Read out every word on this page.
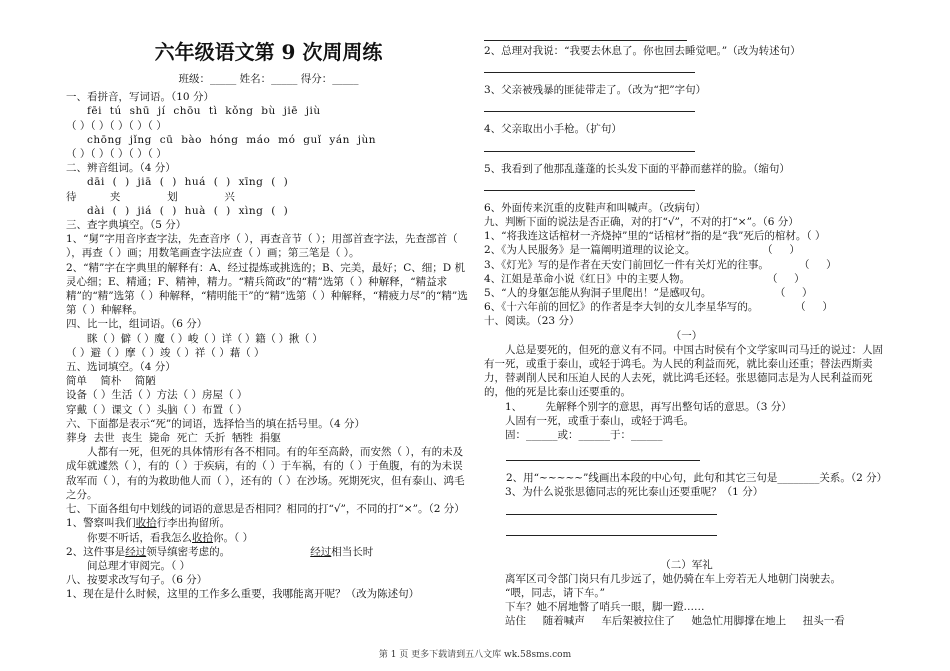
六年级语文第 9 次周周练
班级：_____ 姓名：_____ 得分：_____
一、看拼音，写词语。（10 分）
fēi tú shū jí chōu tì kǒng bù jiē jiù
（ ）（ ）（ ）（ ）（ ）
chōng jǐng cū bào hóng máo mó guǐ yán jùn
（ ）（ ）（ ）（ ）（ ）
二、辨音组词。（4 分）
dāi ( ) jiā ( ) huá ( ) xīng ( )
待          夹              划              兴
dài ( ) jiá ( ) huà ( ) xìng ( )
三、查字典填空。（5 分）
1、“舅”字用音序查字法，先查音序（ ），再查音节（ ）；用部首查字法，先查部首（ ），再查（ ）画；用数笔画查字法应查（ ）画；第三笔是（ ）。
2、“精”字在字典里的解释有：A、经过提炼或挑选的；B、完美，最好；C、细；D 机灵心细；E、精通；F、精神，精力。“精兵简政”的“精”选第（ ）种解释，“精益求精”的“精”选第（ ）种解释，“精明能干”的“精”选第（ ）种解释，“精疲力尽”的“精”选第（ ）种解释。
四、比一比，组词语。（6 分）
眯（ ）僻（ ）魔（ ）峻（ ）详（ ）籍（ ）揪（ ）
（ ）避（ ）摩（ ）竣（ ）祥（ ）藉（ ）
五、选词填空。（4 分）
简单    简朴    简陋
设备（ ）生活（ ）方法（ ）房屋（ ）
穿戴（ ）课文（ ）头脑（ ）布置（ ）
六、下面都是表示“死”的词语，选择恰当的填在括号里。（4 分）
葬身  去世  丧生  毙命  死亡  夭折  牺牲  捐躯
人都有一死，但死的具体情形有各不相同。有的年至高龄，而安然（ ），有的未及成年就遽然（ ），有的（ ）于疾病，有的（ ）于车祸，有的（ ）于鱼腹，有的为未误敌军而（ ），有的为救助他人而（ ），还有的（ ）在沙场。死期死灾，但有泰山、鸿毛之分。
七、下面各组句中划线的词语的意思是否相同？相同的打“√”，不同的打“×”。（2 分）
1、警察叫我们收拾行李出拘留所。
你要不听话，看我怎么收拾你。（ ）
2、这件事是经过领导缜密考虑的。                        经过相当长时
间总理才审阅完。（ ）
八、按要求改写句子。（6 分）
1、现在是什么时候，这里的工作多么重要，我哪能离开呢？（改为陈述句）
2、总理对我说：“我要去休息了。你也回去睡觉吧。”（改为转述句）
3、父亲被残暴的匪徒带走了。（改为“把”字句）
4、父亲取出小手枪。（扩句）
5、我看到了他那乱蓬蓬的长头发下面的平静而慈祥的脸。（缩句）
6、外面传来沉重的皮鞋声和叫喊声。（改病句）
九、判断下面的说法是否正确，对的打“√”，不对的打“×”。（6 分）
1、“将我连这话棺材一齐烧掉”里的“话棺材”指的是“我”死后的棺材。（ ）
2、《为人民服务》是一篇阐明道理的议论文。                    （     ）
3、《灯光》写的是作者在天安门前回忆一件有关灯光的往事。         （     ）
4、江姐是革命小说《红日》中的主要人物。                       （     ）
5、“人的身躯怎能从狗洞子里爬出！”是感叹句。                   （     ）
6、《十六年前的回忆》的作者是李大钊的女儿李星华写的。           （     ）
十、阅读。（23 分）
（一）
人总是要死的，但死的意义有不同。中国古时侯有个文学家叫司马迁的说过：人固有一死，或重于泰山，或轻于鸿毛。为人民的利益而死，就比泰山还重；替法西斯卖力，替剥削人民和压迫人民的人去死，就比鸿毛还轻。张思德同志是为人民利益而死的，他的死是比泰山还要重的。
1、       先解释个别字的意思，再写出整句话的意思。（3 分）
人固有一死，或重于泰山，或轻于鸿毛。
固：______或：______于：______
2、用“~~~~~”线画出本段的中心句，此句和其它三句是________关系。（2 分）
3、为什么说张思德同志的死比泰山还要重呢？（1 分）
（二）军礼
离军区司令部门岗只有几步远了，她仍骑在车上旁若无人地朝门岗驶去。
“喂，同志，请下车。”
下车？她不屑地瞥了哨兵一眼，脚一蹬……
站住     随着喊声     车后架被拉住了     她急忙用脚撑在地上     扭头一看
第 1 页 更多下载请到五八文库 wk.58sms.com
